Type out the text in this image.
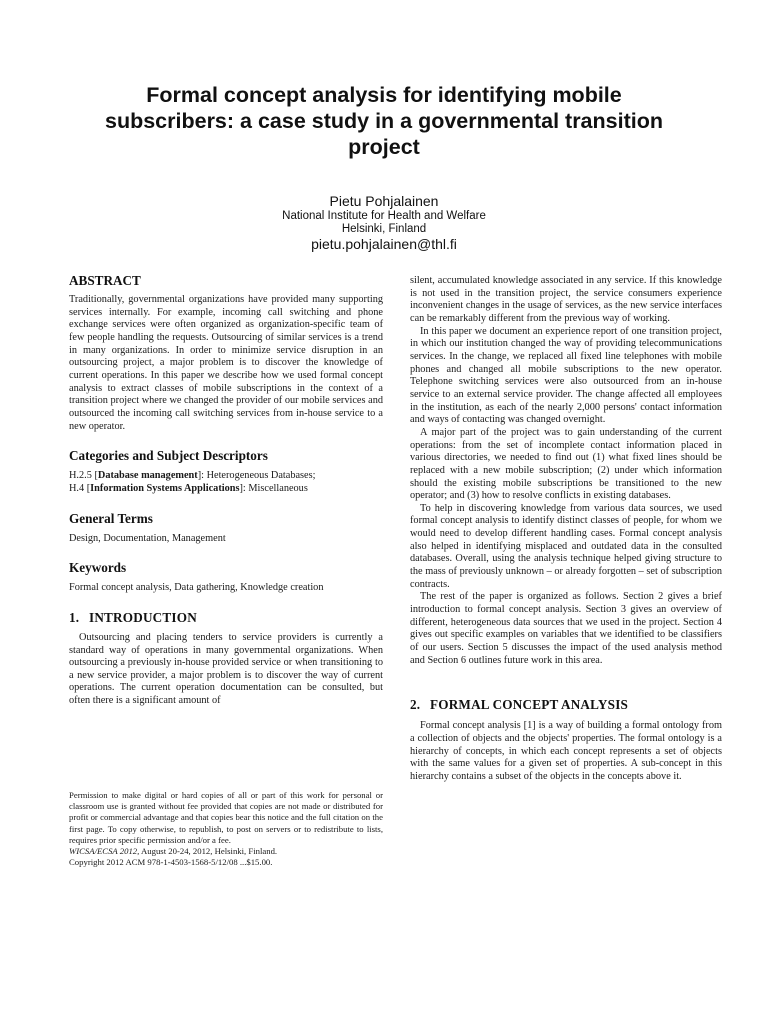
Formal concept analysis for identifying mobile subscribers: a case study in a governmental transition project
Pietu Pohjalainen
National Institute for Health and Welfare
Helsinki, Finland
pietu.pohjalainen@thl.fi
ABSTRACT

Traditionally, governmental organizations have provided many supporting services internally. For example, incoming call switching and phone exchange services were often organized as organization-specific team of few people handling the requests. Outsourcing of similar services is a trend in many organizations. In order to minimize service disruption in an outsourcing project, a major problem is to discover the knowledge of current operations. In this paper we describe how we used formal concept analysis to extract classes of mobile subscriptions in the context of a transition project where we changed the provider of our mobile services and outsourced the incoming call switching services from in-house service to a new operator.

Categories and Subject Descriptors

H.2.5 [Database management]: Heterogeneous Databases;

H.4 [Information Systems Applications]: Miscellaneous

General Terms

Design, Documentation, Management

Keywords

Formal concept analysis, Data gathering, Knowledge creation

1. INTRODUCTION

Outsourcing and placing tenders to service providers is currently a standard way of operations in many governmental organizations. When outsourcing a previously in-house provided service or when transitioning to a new service provider, a major problem is to discover the way of current operations. The current operation documentation can be consulted, but often there is a significant amount of

Permission to make digital or hard copies of all or part of this work for personal or classroom use is granted without fee provided that copies are not made or distributed for profit or commercial advantage and that copies bear this notice and the full citation on the first page. To copy otherwise, to republish, to post on servers or to redistribute to lists, requires prior specific permission and/or a fee.

WICSA/ECSA 2012, August 20-24, 2012, Helsinki, Finland.

Copyright 2012 ACM 978-1-4503-1568-5/12/08 ...$15.00.

silent, accumulated knowledge associated in any service. If this knowledge is not used in the transition project, the service consumers experience inconvenient changes in the usage of services, as the new service interfaces can be remarkably different from the previous way of working.

In this paper we document an experience report of one transition project, in which our institution changed the way of providing telecommunications services. In the change, we replaced all fixed line telephones with mobile phones and changed all mobile subscriptions to the new operator. Telephone switching services were also outsourced from an in-house service to an external service provider. The change affected all employees in the institution, as each of the nearly 2,000 persons' contact information and ways of contacting was changed overnight.

A major part of the project was to gain understanding of the current operations: from the set of incomplete contact information placed in various directories, we needed to find out (1) what fixed lines should be replaced with a new mobile subscription; (2) under which information should the existing mobile subscriptions be transitioned to the new operator; and (3) how to resolve conflicts in existing databases.

To help in discovering knowledge from various data sources, we used formal concept analysis to identify distinct classes of people, for whom we would need to develop different handling cases. Formal concept analysis also helped in identifying misplaced and outdated data in the consulted databases. Overall, using the analysis technique helped giving structure to the mass of previously unknown – or already forgotten – set of subscription contracts.

The rest of the paper is organized as follows. Section 2 gives a brief introduction to formal concept analysis. Section 3 gives an overview of different, heterogeneous data sources that we used in the project. Section 4 gives out specific examples on variables that we identified to be classifiers of our users. Section 5 discusses the impact of the used analysis method and Section 6 outlines future work in this area.

2. FORMAL CONCEPT ANALYSIS

Formal concept analysis [1] is a way of building a formal ontology from a collection of objects and the objects' properties. The formal ontology is a hierarchy of concepts, in which each concept represents a set of objects with the same values for a given set of properties. A sub-concept in this hierarchy contains a subset of the objects in the concepts above it.
